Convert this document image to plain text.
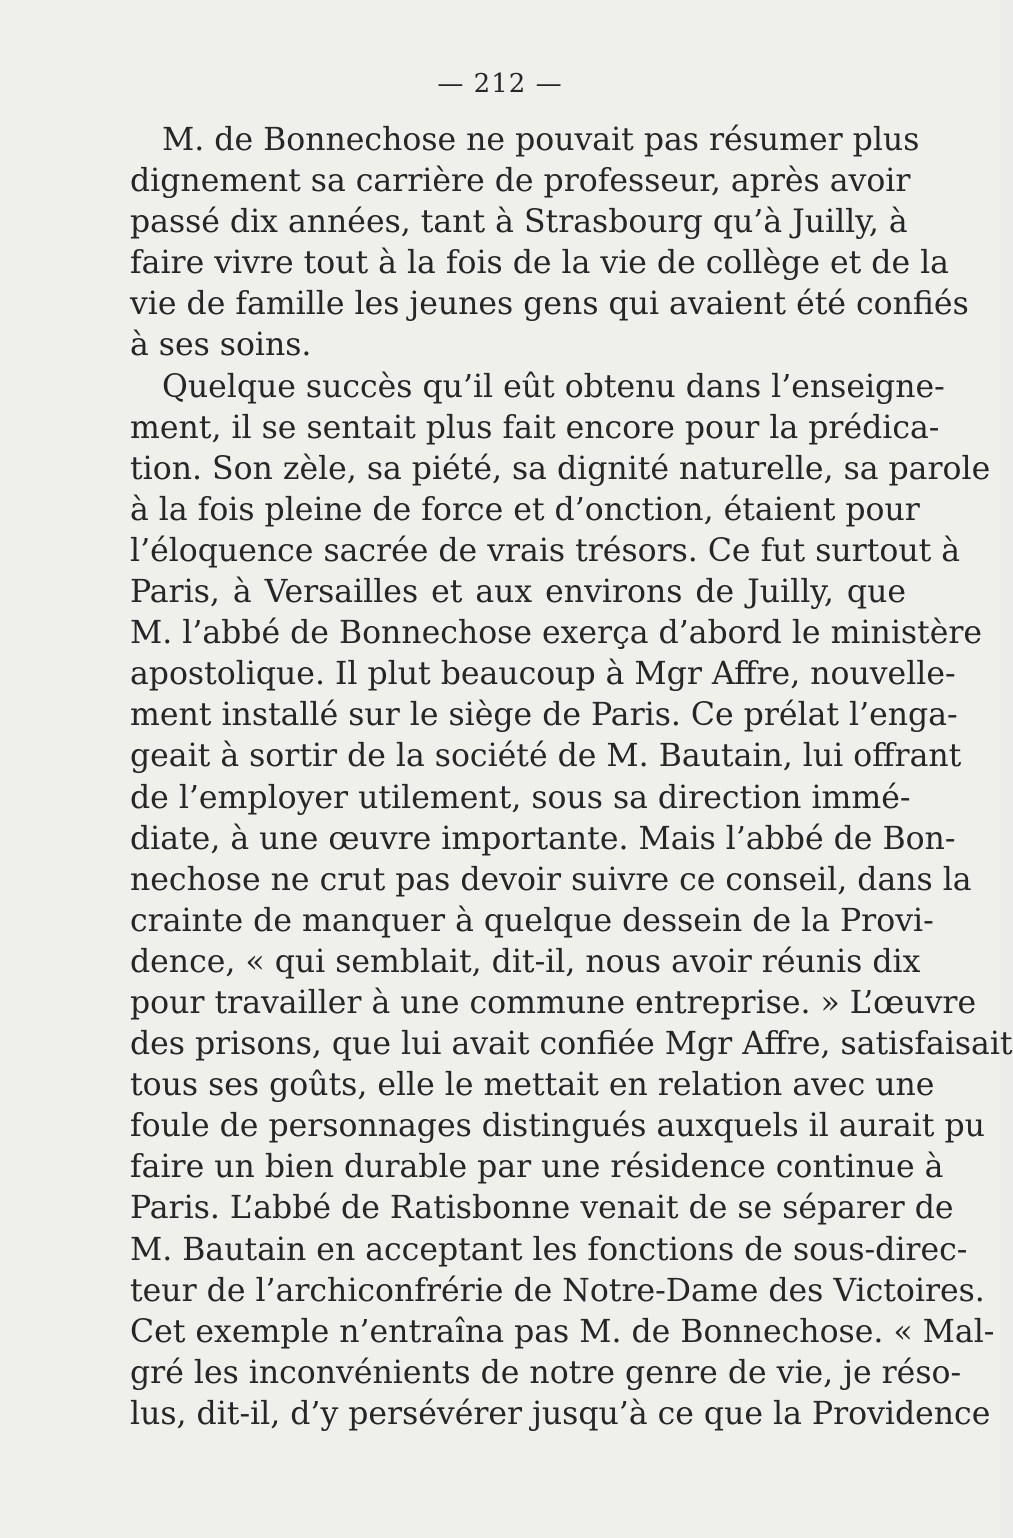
— 212 —
M. de Bonnechose ne pouvait pas résumer plus
dignement sa carrière de professeur, après avoir
passé dix années, tant à Strasbourg qu’à Juilly, à
faire vivre tout à la fois de la vie de collège et de la
vie de famille les jeunes gens qui avaient été confiés
à ses soins.
Quelque succès qu’il eût obtenu dans l’enseigne-
ment, il se sentait plus fait encore pour la prédica-
tion. Son zèle, sa piété, sa dignité naturelle, sa parole
à la fois pleine de force et d’onction, étaient pour
l’éloquence sacrée de vrais trésors. Ce fut surtout à
Paris, à Versailles et aux environs de Juilly, que
M. l’abbé de Bonnechose exerça d’abord le ministère
apostolique. Il plut beaucoup à Mgr Affre, nouvelle-
ment installé sur le siège de Paris. Ce prélat l’enga-
geait à sortir de la société de M. Bautain, lui offrant
de l’employer utilement, sous sa direction immé-
diate, à une œuvre importante. Mais l’abbé de Bon-
nechose ne crut pas devoir suivre ce conseil, dans la
crainte de manquer à quelque dessein de la Provi-
dence, « qui semblait, dit-il, nous avoir réunis dix
pour travailler à une commune entreprise. » L’œuvre
des prisons, que lui avait confiée Mgr Affre, satisfaisait
tous ses goûts, elle le mettait en relation avec une
foule de personnages distingués auxquels il aurait pu
faire un bien durable par une résidence continue à
Paris. L’abbé de Ratisbonne venait de se séparer de
M. Bautain en acceptant les fonctions de sous-direc-
teur de l’archiconfrérie de Notre-Dame des Victoires.
Cet exemple n’entraîna pas M. de Bonnechose. « Mal-
gré les inconvénients de notre genre de vie, je réso-
lus, dit-il, d’y persévérer jusqu’à ce que la Providence
